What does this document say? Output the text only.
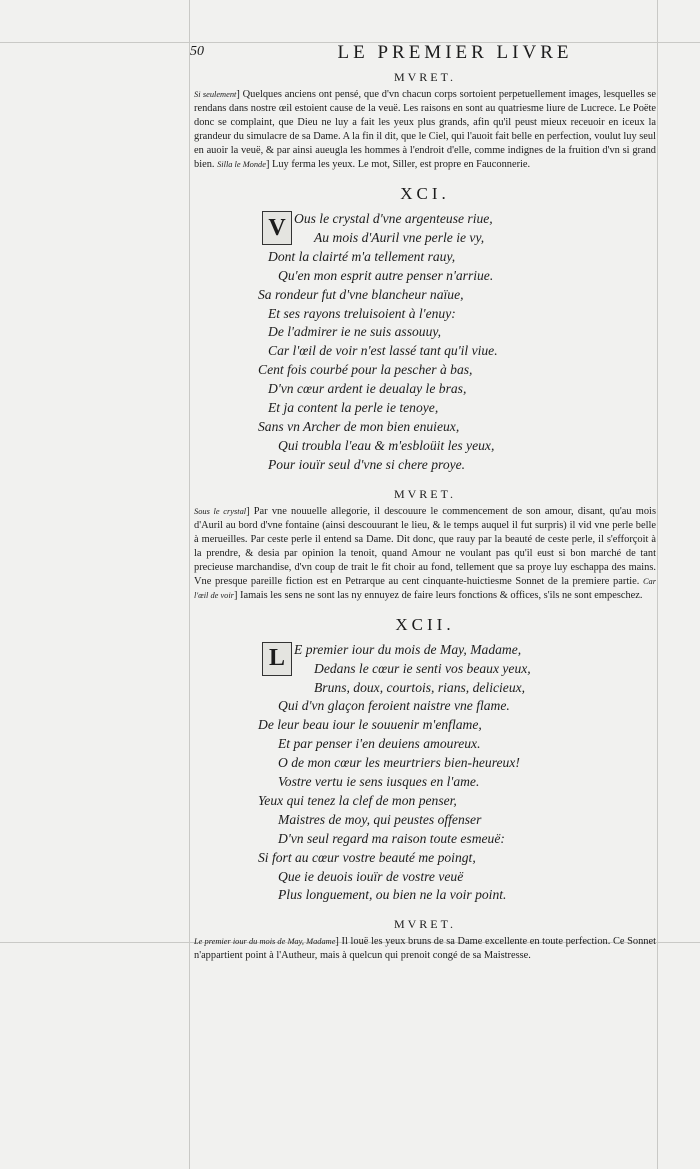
50	LE PREMIER LIVRE
MVRET.
Si seulement] Quelques anciens ont pensé, que d'vn chacun corps sortoient perpetuellement images, lesquelles se rendans dans nostre œil estoient cause de la veuë. Les raisons en sont au quatriesme liure de Lucrece. Le Poëte donc se complaint, que Dieu ne luy a fait les yeux plus grands, afin qu'il peust mieux receuoir en iceux la grandeur du simulacre de sa Dame. A la fin il dit, que le Ciel, qui l'auoit fait belle en perfection, voulut luy seul en auoir la veuë, & par ainsi aueugla les hommes à l'endroit d'elle, comme indignes de la fruition d'vn si grand bien. Silla le Monde] Luy ferma les yeux. Le mot, Siller, est propre en Fauconnerie.
XCI.
V Ous le crystal d'vne argenteuse riue,
Au mois d'Auril vne perle ie vy,
Dont la clairté m'a tellement rauy,
Qu'en mon esprit autre penser n'arriue.
Sa rondeur fut d'vne blancheur naïue,
Et ses rayons treluisoient à l'enuy:
De l'admirer ie ne suis assouuy,
Car l'œil de voir n'est lassé tant qu'il viue.
Cent fois courbé pour la pescher à bas,
D'vn cœur ardent ie deualay le bras,
Et ja content la perle ie tenoye,
Sans vn Archer de mon bien enuieux,
Qui troubla l'eau & m'esbloüit les yeux,
Pour iouïr seul d'vne si chere proye.
MVRET.
Sous le crystal] Par vne nouuelle allegorie, il descouure le commencement de son amour, disant, qu'au mois d'Auril au bord d'vne fontaine (ainsi descouurant le lieu, & le temps auquel il fut surpris) il vid vne perle belle à merueilles. Par ceste perle il entend sa Dame. Dit donc, que rauy par la beauté de ceste perle, il s'efforçoit à la prendre, & desia par opinion la tenoit, quand Amour ne voulant pas qu'il eust si bon marché de tant precieuse marchandise, d'vn coup de trait le fit choir au fond, tellement que sa proye luy eschappa des mains. Vne presque pareille fiction est en Petrarque au cent cinquante-huictiesme Sonnet de la premiere partie. Car l'œil de voir] Iamais les sens ne sont las ny ennuyez de faire leurs fonctions & offices, s'ils ne sont empeschez.
XCII.
L E premier iour du mois de May, Madame,
Dedans le cœur ie senti vos beaux yeux,
Bruns, doux, courtois, rians, delicieux,
Qui d'vn glaçon feroient naistre vne flame.
De leur beau iour le souuenir m'enflame,
Et par penser i'en deuiens amoureux.
O de mon cœur les meurtriers bien-heureux!
Vostre vertu ie sens iusques en l'ame.
Yeux qui tenez la clef de mon penser,
Maistres de moy, qui peustes offenser
D'vn seul regard ma raison toute esmeuë:
Si fort au cœur vostre beauté me poingt,
Que ie deuois iouïr de vostre veuë
Plus longuement, ou bien ne la voir point.
MVRET.
Le premier iour du mois de May, Madame] Il louë les yeux bruns de sa Dame excellente en toute perfection. Ce Sonnet n'appartient point à l'Autheur, mais à quelcun qui prenoit congé de sa Maistresse.
